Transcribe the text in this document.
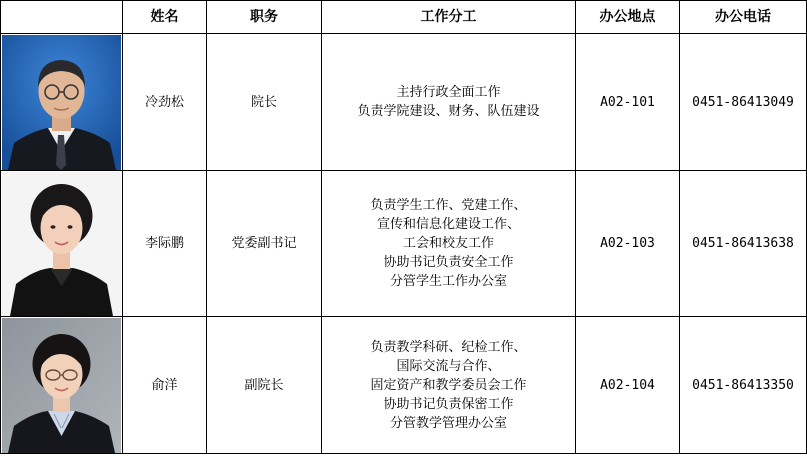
	姓名	职务	工作分工	办公地点	办公电话

	冷劲松	院长	主持行政全面工作
负责学院建设、财务、队伍建设	A02-101	0451-86413049

	李际鹏	党委副书记	负责学生工作、党建工作、
宣传和信息化建设工作、
工会和校友工作
协助书记负责安全工作
分管学生工作办公室	A02-103	0451-86413638

	俞洋	副院长	负责教学科研、纪检工作、
国际交流与合作、
固定资产和教学委员会工作
协助书记负责保密工作
分管教学管理办公室	A02-104	0451-86413350
